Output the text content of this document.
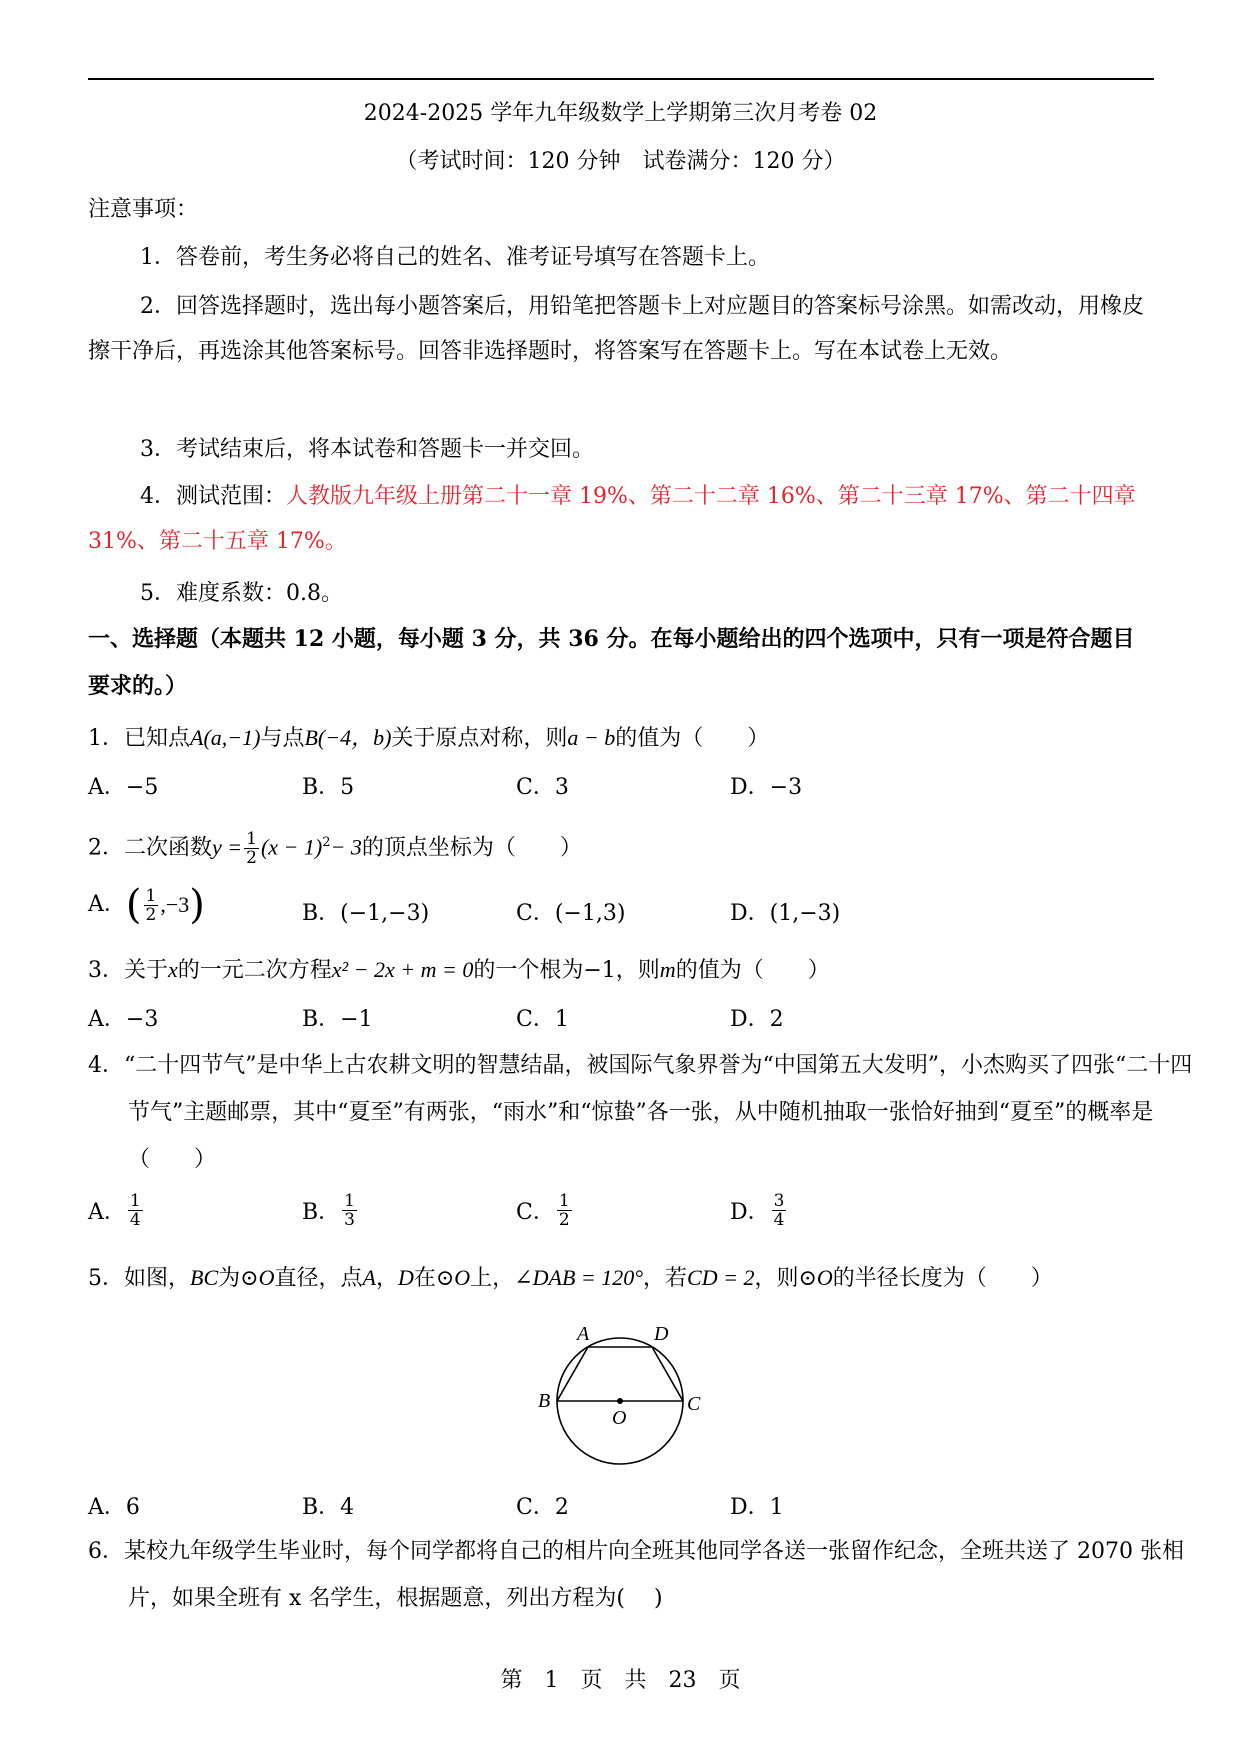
2024-2025 学年九年级数学上学期第三次月考卷 02
（考试时间：120 分钟　试卷满分：120 分）
注意事项：
1．答卷前，考生务必将自己的姓名、准考证号填写在答题卡上。
2．回答选择题时，选出每小题答案后，用铅笔把答题卡上对应题目的答案标号涂黑。如需改动，用橡皮擦干净后，再选涂其他答案标号。回答非选择题时，将答案写在答题卡上。写在本试卷上无效。
3．考试结束后，将本试卷和答题卡一并交回。
4．测试范围：人教版九年级上册第二十一章 19%、第二十二章 16%、第二十三章 17%、第二十四章 31%、第二十五章 17%。
5．难度系数：0.8。
一、选择题（本题共 12 小题，每小题 3 分，共 36 分。在每小题给出的四个选项中，只有一项是符合题目要求的。）
1．已知点A(a,−1)与点B(−4，b)关于原点对称，则a − b的值为（　　）
A．−5	B．5	C．3	D．−3
2．二次函数$y = \frac{1}{2} (x - 1)^2- 3$的顶点坐标为（　　）
A．( $\frac{1}{2} ,-3$)	B．(−1,−3)	C．(−1,3)	D．(1,−3)
3．关于x的一元二次方程x² − 2x + m = 0的一个根为−1，则m的值为（　　）
A．−3	B．−1	C．1	D．2
4．“二十四节气”是中华上古农耕文明的智慧结晶，被国际气象界誉为“中国第五大发明”，小杰购买了四张“二十四节气”主题邮票，其中“夏至”有两张，“雨水”和“惊蛰”各一张，从中随机抽取一张恰好抽到“夏至”的概率是（　　）
A． $\frac{1}{4}$	B． $\frac{1}{3}$	C． $\frac{1}{2}$	D． $\frac{3}{4}$
5．如图，BC为⊙O直径，点A，D在⊙O上，∠DAB = 120°，若CD = 2，则⊙O的半径长度为（　　）
A	D
B	C
O
A．6	B．4	C．2	D．1
6．某校九年级学生毕业时，每个同学都将自己的相片向全班其他同学各送一张留作纪念，全班共送了 2070 张相片，如果全班有 x 名学生，根据题意，列出方程为(　 )
第　1　页　共　23　页
